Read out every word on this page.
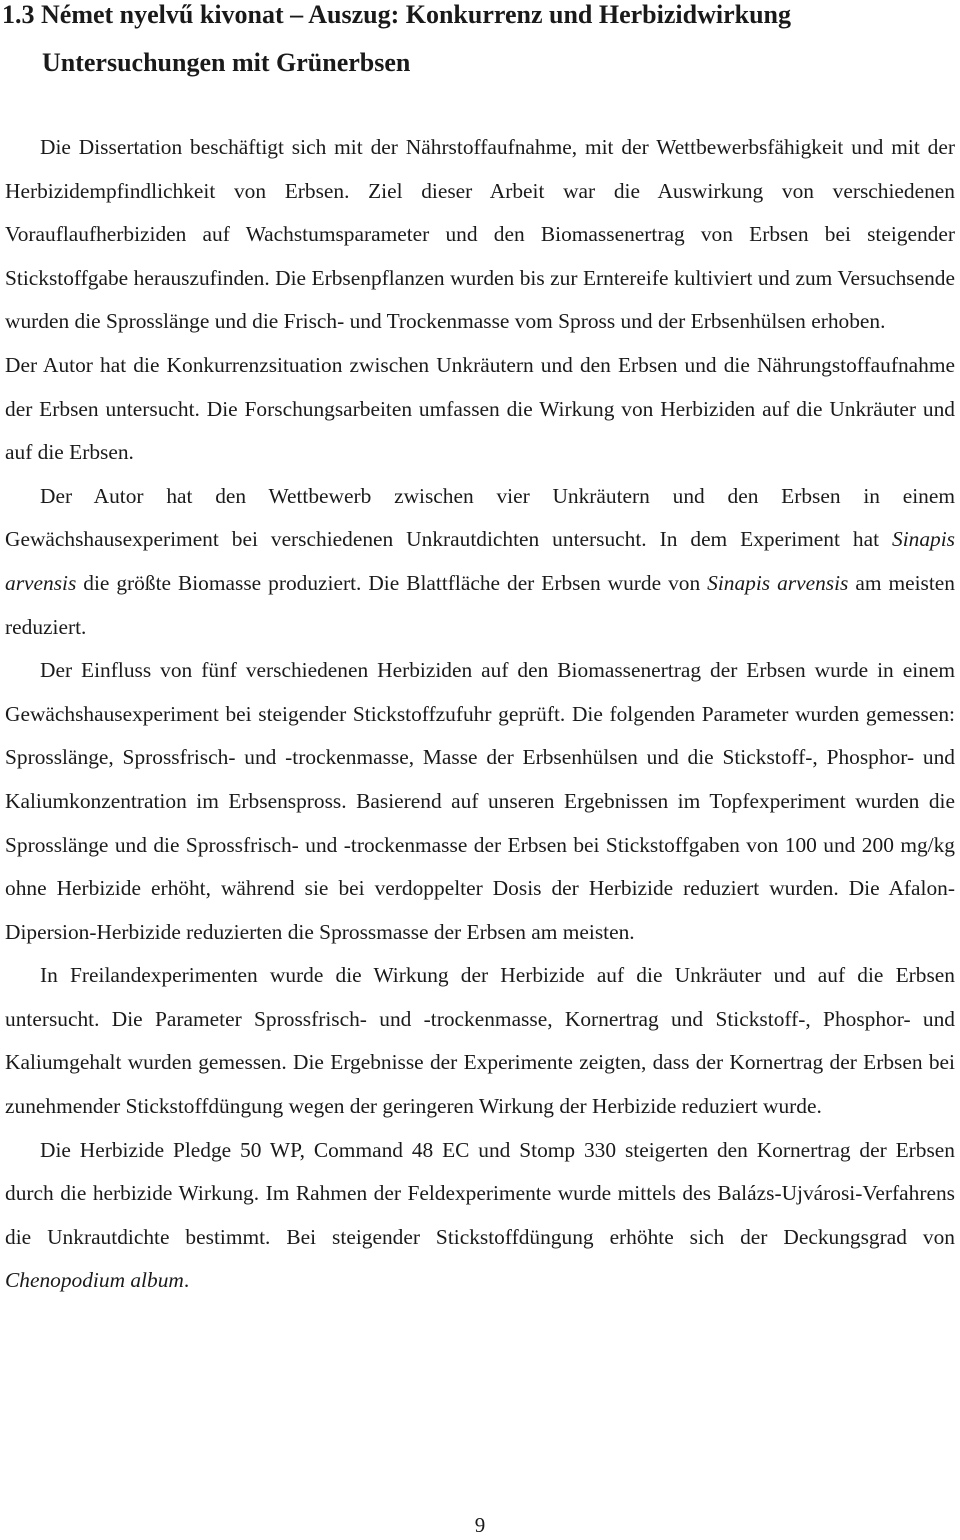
1.3 Német nyelvű kivonat – Auszug: Konkurrenz und Herbizidwirkung
Untersuchungen mit Grünerbsen

Die Dissertation beschäftigt sich mit der Nährstoffaufnahme, mit der Wettbewerbsfähigkeit und mit der Herbizidempfindlichkeit von Erbsen. Ziel dieser Arbeit war die Auswirkung von verschiedenen Vorauflaufherbiziden auf Wachstumsparameter und den Biomassenertrag von Erbsen bei steigender Stickstoffgabe herauszufinden. Die Erbsenpflanzen wurden bis zur Erntereife kultiviert und zum Versuchsende wurden die Sprosslänge und die Frisch- und Trockenmasse vom Spross und der Erbsenhülsen erhoben.

Der Autor hat die Konkurrenzsituation zwischen Unkräutern und den Erbsen und die Nährungstoffaufnahme der Erbsen untersucht. Die Forschungsarbeiten umfassen die Wirkung von Herbiziden auf die Unkräuter und auf die Erbsen.

Der Autor hat den Wettbewerb zwischen vier Unkräutern und den Erbsen in einem Gewächshausexperiment bei verschiedenen Unkrautdichten untersucht. In dem Experiment hat Sinapis arvensis die größte Biomasse produziert. Die Blattfläche der Erbsen wurde von Sinapis arvensis am meisten reduziert.

Der Einfluss von fünf verschiedenen Herbiziden auf den Biomassenertrag der Erbsen wurde in einem Gewächshausexperiment bei steigender Stickstoffzufuhr geprüft. Die folgenden Parameter wurden gemessen: Sprosslänge, Sprossfrisch- und -trockenmasse, Masse der Erbsenhülsen und die Stickstoff-, Phosphor- und Kaliumkonzentration im Erbsenspross. Basierend auf unseren Ergebnissen im Topfexperiment wurden die Sprosslänge und die Sprossfrisch- und -trockenmasse der Erbsen bei Stickstoffgaben von 100 und 200 mg/kg ohne Herbizide erhöht, während sie bei verdoppelter Dosis der Herbizide reduziert wurden. Die Afalon-Dipersion-Herbizide reduzierten die Sprossmasse der Erbsen am meisten.

In Freilandexperimenten wurde die Wirkung der Herbizide auf die Unkräuter und auf die Erbsen untersucht. Die Parameter Sprossfrisch- und -trockenmasse, Kornertrag und Stickstoff-, Phosphor- und Kaliumgehalt wurden gemessen. Die Ergebnisse der Experimente zeigten, dass der Kornertrag der Erbsen bei zunehmender Stickstoffdüngung wegen der geringeren Wirkung der Herbizide reduziert wurde.

Die Herbizide Pledge 50 WP, Command 48 EC und Stomp 330 steigerten den Kornertrag der Erbsen durch die herbizide Wirkung. Im Rahmen der Feldexperimente wurde mittels des Balázs-Ujvárosi-Verfahrens die Unkrautdichte bestimmt. Bei steigender Stickstoffdüngung erhöhte sich der Deckungsgrad von Chenopodium album.

9
